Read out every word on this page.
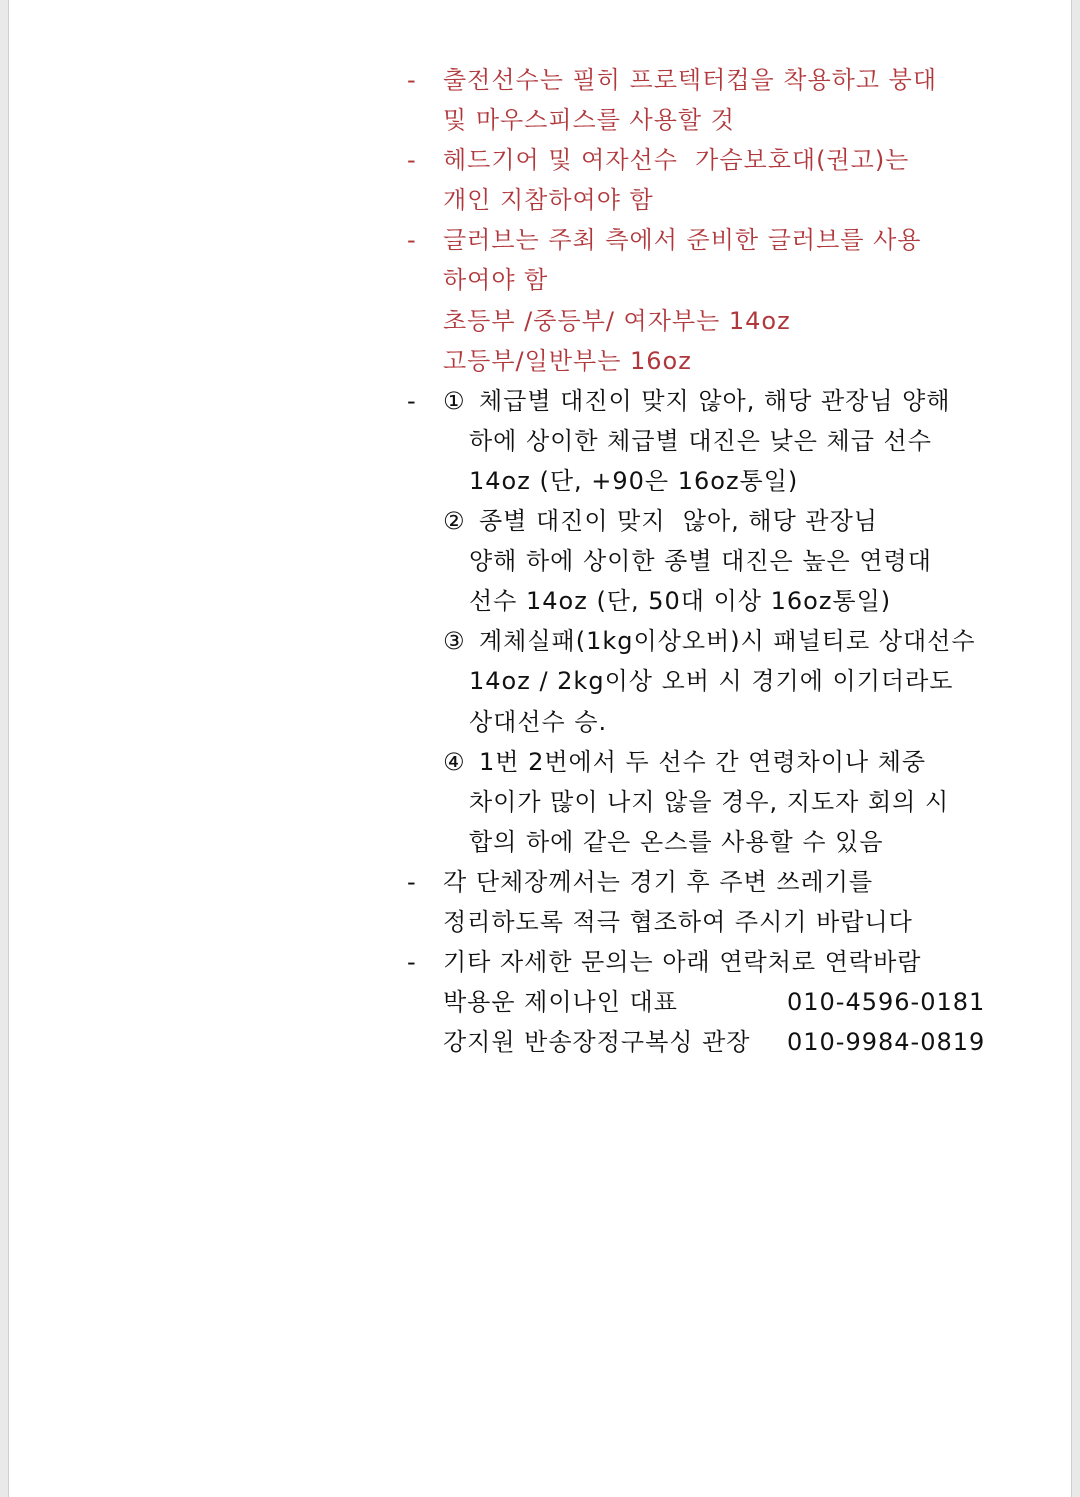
- 출전선수는 필히 프로텍터컵을 착용하고 붕대
및 마우스피스를 사용할 것
- 헤드기어 및 여자선수  가슴보호대(권고)는
개인 지참하여야 함
- 글러브는 주최 측에서 준비한 글러브를 사용
하여야 함
초등부 /중등부/ 여자부는 14oz
고등부/일반부는 16oz
- ① 체급별 대진이 맞지 않아, 해당 관장님 양해
하에 상이한 체급별 대진은 낮은 체급 선수
14oz (단, +90은 16oz통일)
② 종별 대진이 맞지  않아, 해당 관장님
양해 하에 상이한 종별 대진은 높은 연령대
선수 14oz (단, 50대 이상 16oz통일)
③ 계체실패(1kg이상오버)시 패널티로 상대선수
14oz / 2kg이상 오버 시 경기에 이기더라도
상대선수 승.
④ 1번 2번에서 두 선수 간 연령차이나 체중
차이가 많이 나지 않을 경우, 지도자 회의 시
합의 하에 같은 온스를 사용할 수 있음
- 각 단체장께서는 경기 후 주변 쓰레기를
정리하도록 적극 협조하여 주시기 바랍니다
- 기타 자세한 문의는 아래 연락처로 연락바람
박용운 제이나인 대표	010-4596-0181
강지원 반송장정구복싱 관장 010-9984-0819
